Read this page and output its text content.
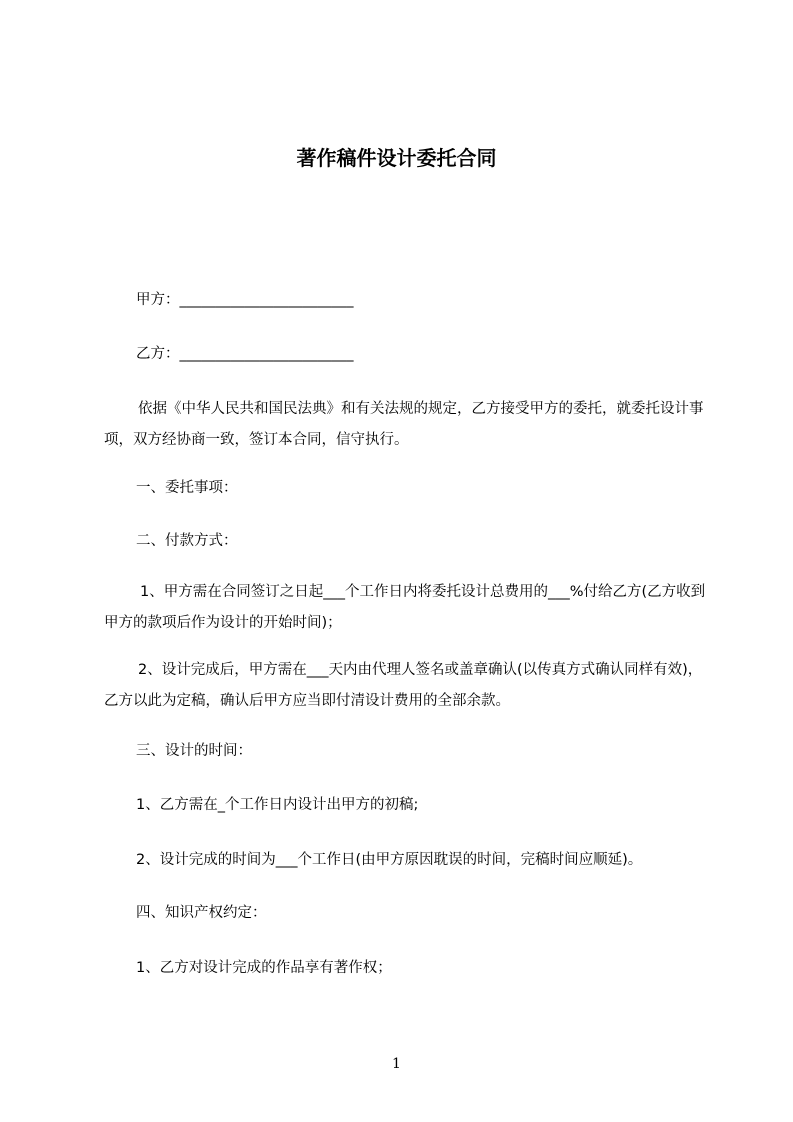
著作稿件设计委托合同
甲方：________________________
乙方：________________________
依据《中华人民共和国民法典》和有关法规的规定，乙方接受甲方的委托，就委托设计事项，双方经协商一致，签订本合同，信守执行。
一、委托事项：
二、付款方式：
1、甲方需在合同签订之日起___个工作日内将委托设计总费用的___%付给乙方(乙方收到甲方的款项后作为设计的开始时间)；
2、设计完成后，甲方需在___天内由代理人签名或盖章确认(以传真方式确认同样有效)，乙方以此为定稿，确认后甲方应当即付清设计费用的全部余款。
三、设计的时间：
1、乙方需在_个工作日内设计出甲方的初稿;
2、设计完成的时间为___个工作日(由甲方原因耽误的时间，完稿时间应顺延)。
四、知识产权约定：
1、乙方对设计完成的作品享有著作权；
1
